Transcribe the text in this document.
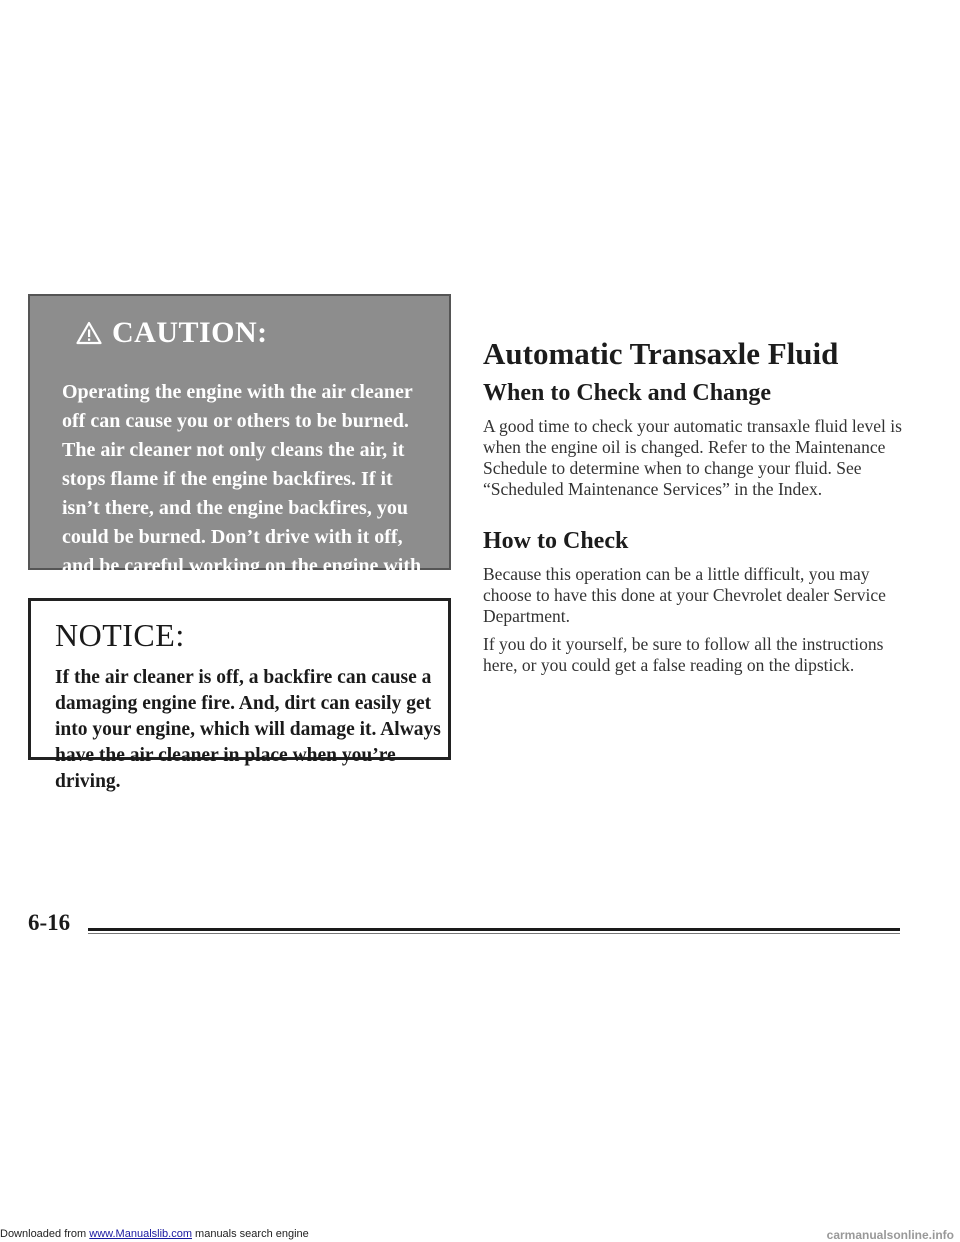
CAUTION:
Operating the engine with the air cleaner off can cause you or others to be burned. The air cleaner not only cleans the air, it stops flame if the engine backfires. If it isn’t there, and the engine backfires, you could be burned. Don’t drive with it off, and be careful working on the engine with the air cleaner off.
NOTICE:
If the air cleaner is off, a backfire can cause a damaging engine fire. And, dirt can easily get into your engine, which will damage it. Always have the air cleaner in place when you’re driving.
Automatic Transaxle Fluid
When to Check and Change

A good time to check your automatic transaxle fluid level is when the engine oil is changed. Refer to the Maintenance Schedule to determine when to change your fluid. See “Scheduled Maintenance Services” in the Index.

How to Check

Because this operation can be a little difficult, you may choose to have this done at your Chevrolet dealer Service Department.

If you do it yourself, be sure to follow all the instructions here, or you could get a false reading on the dipstick.

6-16
Downloaded from www.Manualslib.com manuals search engine	carmanualsonline.info
